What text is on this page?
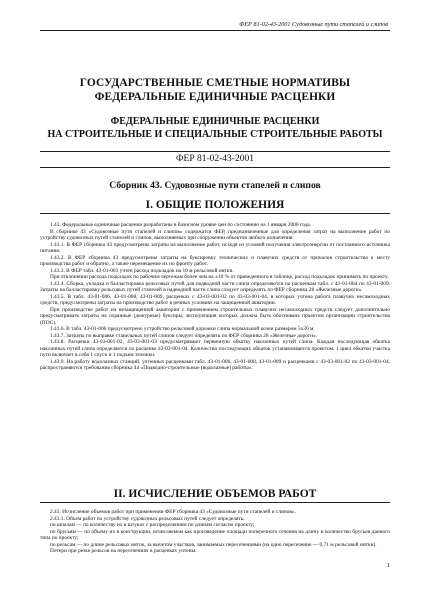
ФЕР 81-02-43-2001 Судовозные пути стапелей и слипов
ГОСУДАРСТВЕННЫЕ СМЕТНЫЕ НОРМАТИВЫ
ФЕДЕРАЛЬНЫЕ ЕДИНИЧНЫЕ РАСЦЕНКИ
ФЕДЕРАЛЬНЫЕ ЕДИНИЧНЫЕ РАСЦЕНКИ
НА СТРОИТЕЛЬНЫЕ И СПЕЦИАЛЬНЫЕ СТРОИТЕЛЬНЫЕ РАБОТЫ
ФЕР 81-02-43-2001
Сборник 43. Судовозные пути стапелей и слипов
I. ОБЩИЕ ПОЛОЖЕНИЯ

1.43. Федеральные единичные расценки разработаны в базисном уровне цен по состоянию на 1 января 2000 года.

В сборнике 43 «Судовозные пути стапелей и слипов» содержатся ФЕР, предназначенные для определения затрат на выполнение работ по устройству судовозных путей стапелей и слипов, выполняемых при сооружении объектов любого назначения.

1.43.1. В ФЕР сборника 43 предусмотрены затраты на выполнение работ, исходя из условий получения электроэнергии от постоянного источника питания.

1.43.2. В ФЕР сборника 43 предусмотрены затраты на буксировку технических и плавучих средств от причалов строительства к месту производства работ и обратно, а также перемещение их по фронту работ.

1.43.3. В ФЕР табл. 43-01-003 учтен расход подкладок на 10 м рельсовой нитки.

При отклонении расхода подкладок по рабочим чертежам более чем на ±10 % от приведенного в таблице, расход подкладок принимать по проекту.

1.43.4. Сборка, укладка и балластировка рельсовых путей для подводной части слипа определяются по расценкам табл. с 43-01-004 по 43-01-009. Затраты на балластировку рельсовых путей стапелей в надводной части слипа следует определять по ФЕР сборника 28 «Железные дороги».

1.43.5. В табл. 43-01-006, 43-01-008, 43-01-009, расценках с 43-03-001-02 по 43-03-001-04, в которых учтена работа плавучих несамоходных средств, предусмотрены затраты на производство работ в речных условиях на защищенной акватории.

При производстве работ на незащищенной акватории с применением строительных плавучих несамоходных средств следует дополнительно предусматривать затраты на охранные (дежурные) буксиры, эксплуатация которых должна быть обоснована проектом организации строительства (ПОС).

1.43.6. В табл. 43-01-006 предусмотрено устройство рельсовой дорожки слипа нормальной колеи размером 5х30 м.

1.43.7. Затраты по выправке стапельных путей слипов следует определять по ФЕР сборника 28 «Железные дороги».

1.43.8. Расценки 43-03-001-02, 43-03-001-03 предусматривают первичную обкатку наклонных путей слипа. Каждая последующая обкатка наклонных путей слипа определяется по расценке 43-03-001-04. Количество последующих обкаток устанавливается проектом. 1 цикл обкатки участка пути включает в себя 1 спуск и 1 подъем тележки.

1.43.9. На работу водолазных станций, учтенных расценками табл. 43-01-006, 43-01-008, 43-01-009 и расценками с 43-03-001-02 по 43-03-001-04, распространяются требования сборника 44 «Подводно-строительные (водолазные) работы».

II. ИСЧИСЛЕНИЕ ОБЪЕМОВ РАБОТ

2.43. Исчисление объемов работ при применении ФЕР сборника 43 «Судовозные пути стапелей и слипов».

2.43.1. Объем работ по устройству судовозных рельсовых путей следует определять:

по шпалам — по количеству их в штуках с распределением по длинам согласно проекту;

по брусьям — по объему их в конструкции, исчисляемом как произведение площади поперечного сечения на длину и количество брусьев данного типа по проекту;

по рельсам — по длине рельсовых ниток, за вычетом участков, занимаемых пересечениями (на одно пересечение — 0,71 м рельсовой нитки).

Потери при резке рельсов на пересечениях в расценках учтены.

1
